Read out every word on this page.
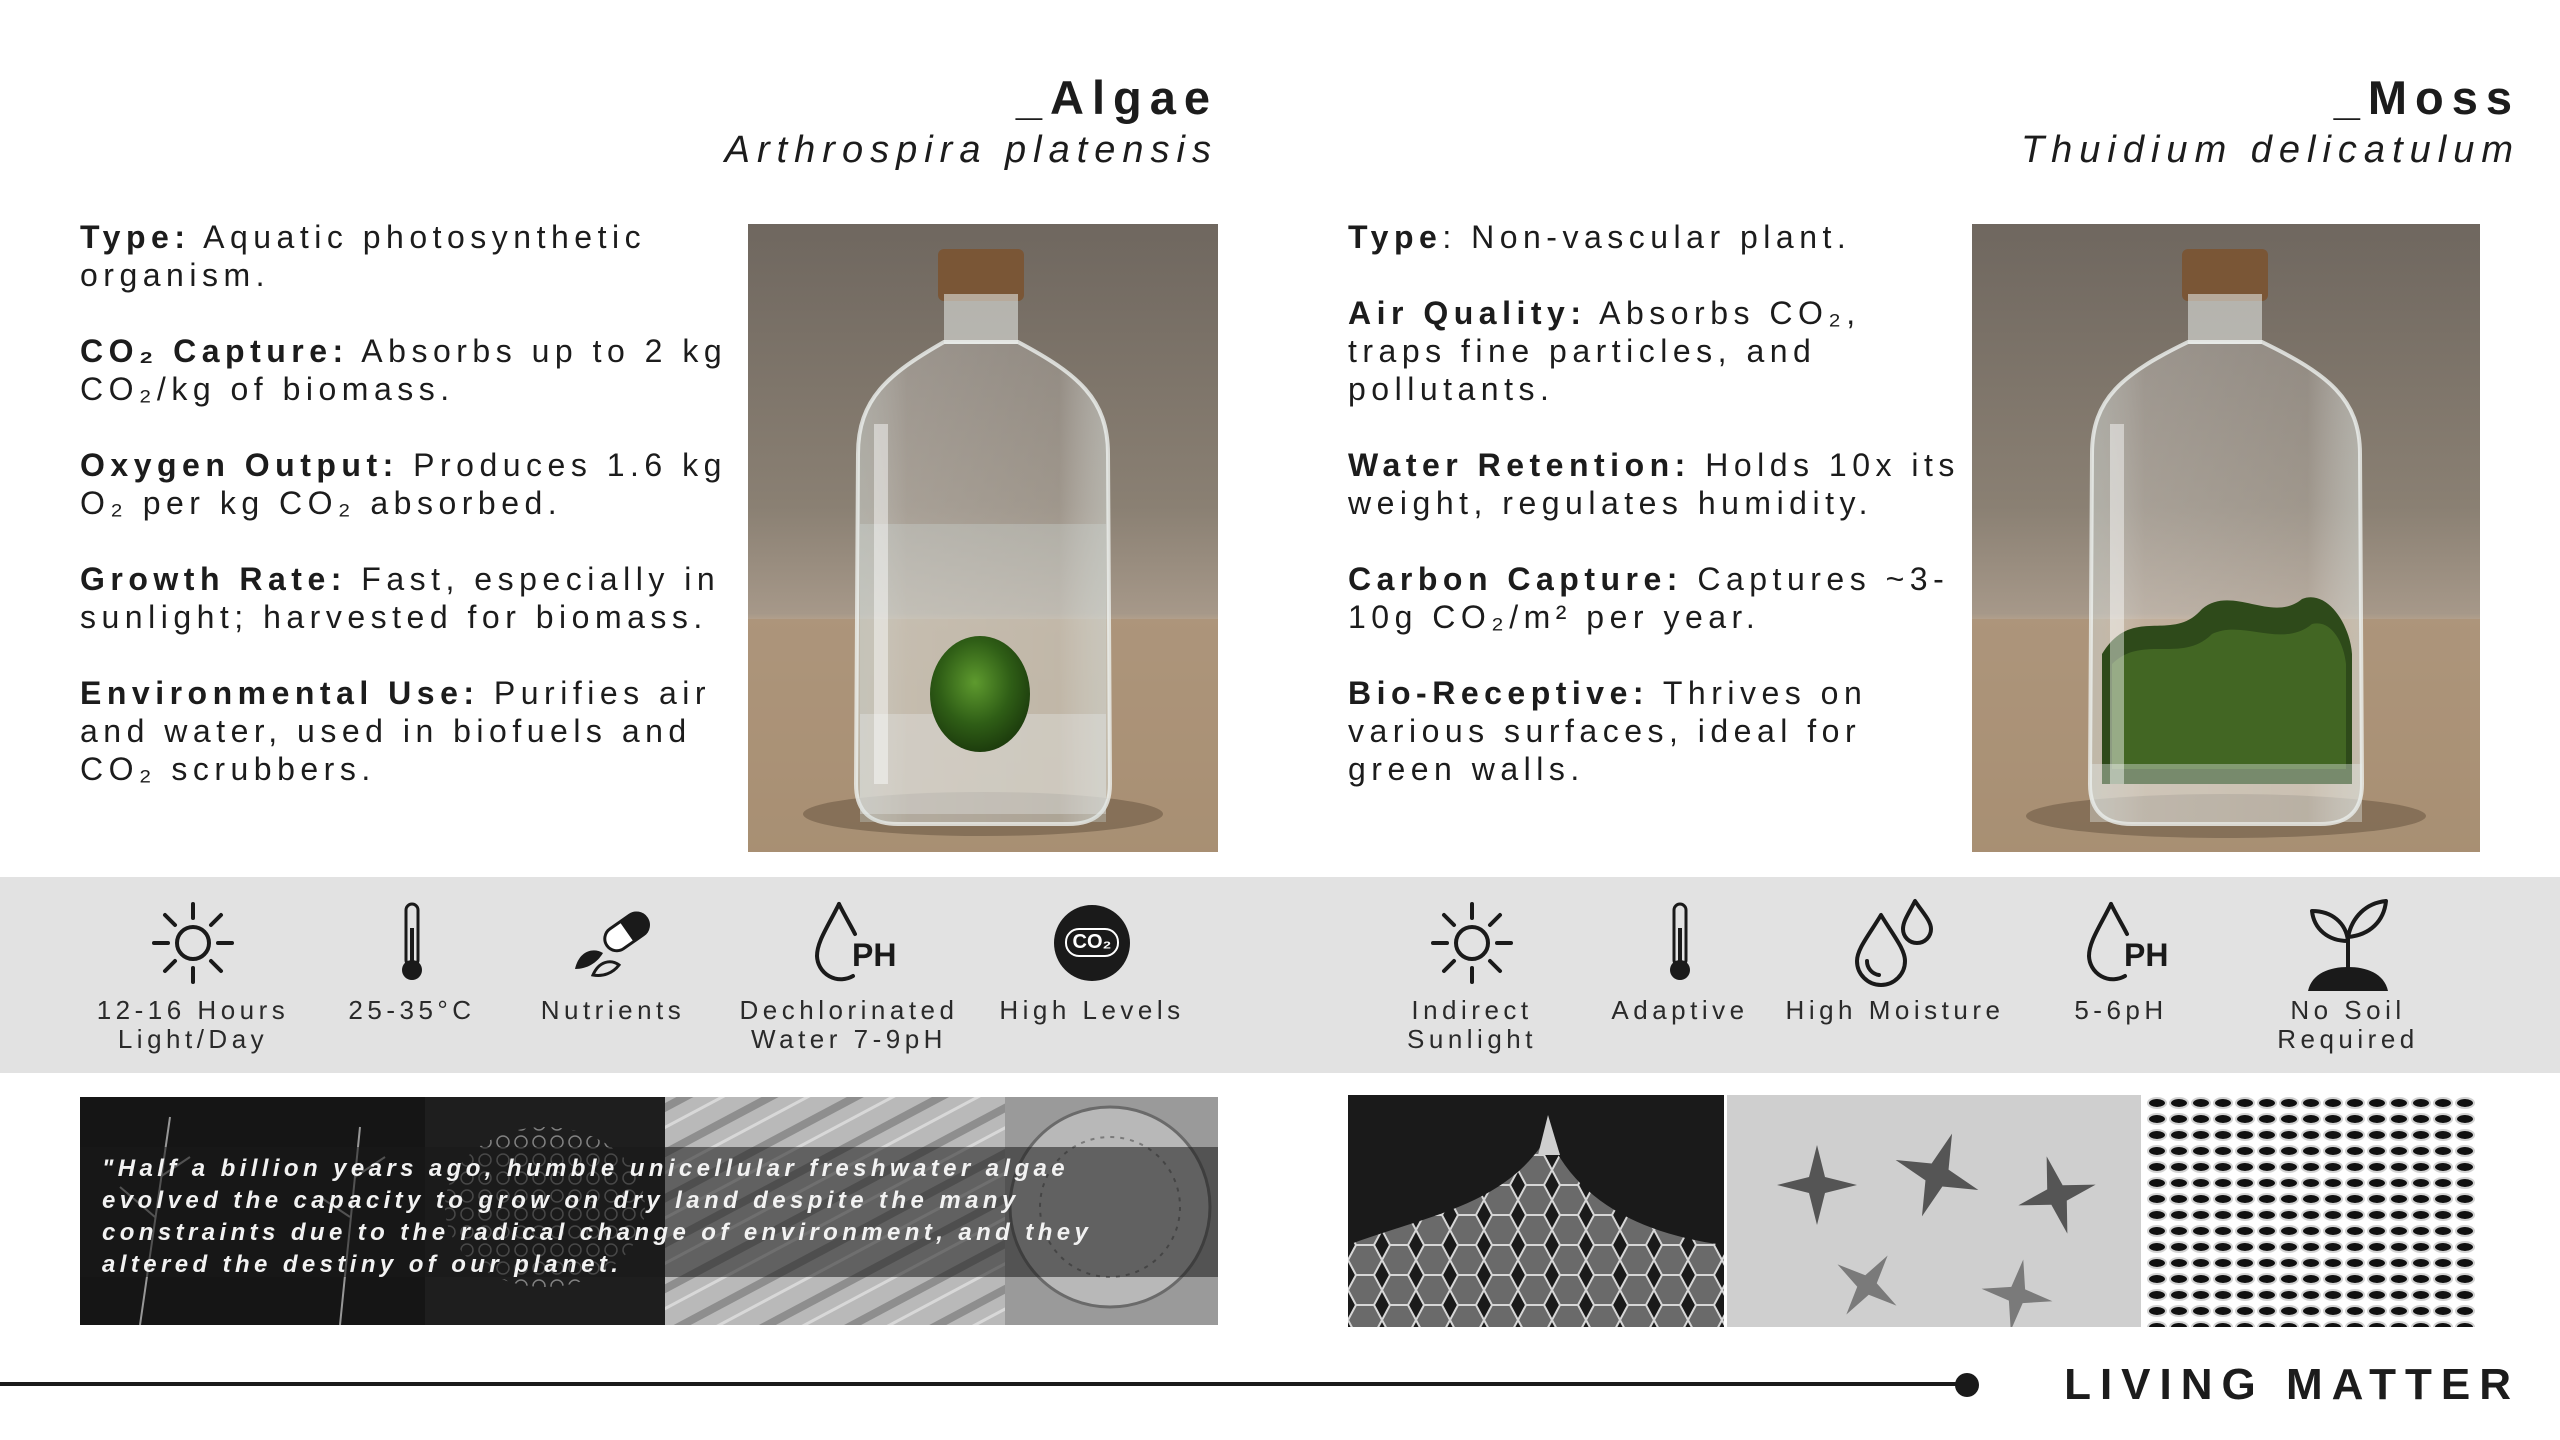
_Algae
Arthrospira platensis
_Moss
Thuidium delicatulum

Type: Aquatic photosynthetic organism.

CO₂ Capture: Absorbs up to 2 kg CO₂/kg of biomass.

Oxygen Output: Produces 1.6 kg O₂ per kg CO₂ absorbed.

Growth Rate: Fast, especially in sunlight; harvested for biomass.

Environmental Use: Purifies air and water, used in biofuels and CO₂ scrubbers.

Type: Non-vascular plant.

Air Quality: Absorbs CO₂, traps fine particles, and pollutants.

Water Retention: Holds 10x its weight, regulates humidity.

Carbon Capture: Captures ~3-10g CO₂/m² per year.

Bio-Receptive: Thrives on various surfaces, ideal for green walls.

12-16 Hours Light/Day
25-35°C	Nutrients
PH
Dechlorinated Water 7-9pH
CO₂
High Levels	Indirect Sunlight
Adaptive	High Moisture
PH
5-6pH	No Soil Required
"Half a billion years ago, humble unicellular freshwater algae evolved the capacity to grow on dry land despite the many constraints due to the radical change of environment, and they altered the destiny of our planet.
LIVING MATTER
